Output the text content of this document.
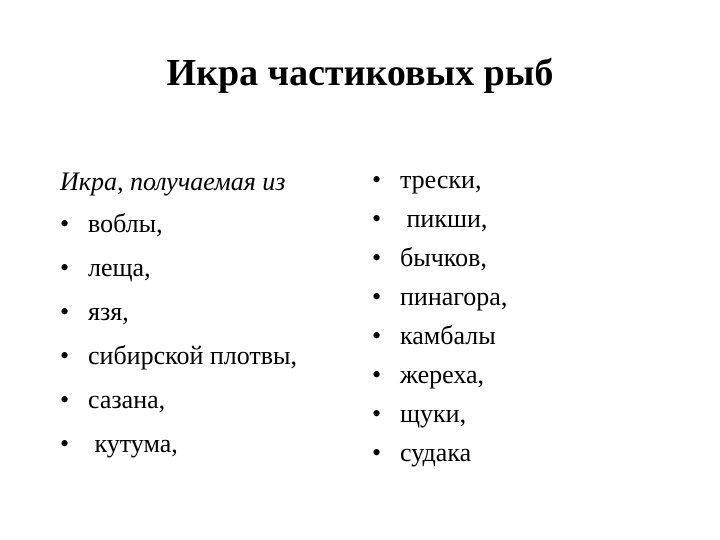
Икра частиковых рыб
Икра, получаемая из
• воблы,
• леща,
• язя,
• сибирской плотвы,
• сазана,
• кутума,
• трески,
• пикши,
• бычков,
• пинагора,
• камбалы
• жереха,
• щуки,
• судака
